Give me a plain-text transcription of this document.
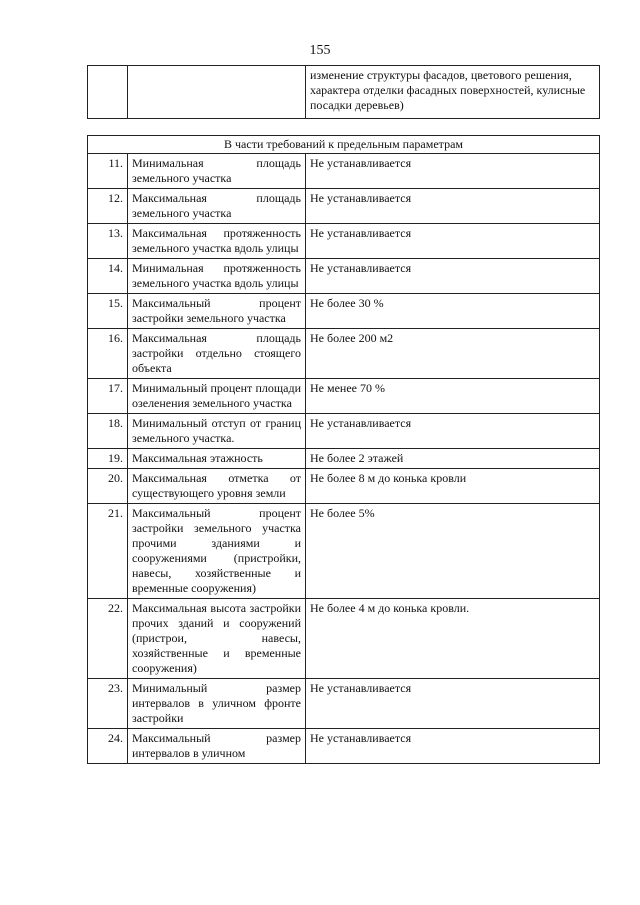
155
		изменение структуры фасадов, цветового решения, характера отделки фасадных поверхностей, кулисные посадки деревьев)
В части требований к предельным параметрам		
11.	Минимальная площадь земельного участка	Не устанавливается
12.	Максимальная площадь земельного участка	Не устанавливается
13.	Максимальная протяженность земельного участка вдоль улицы	Не устанавливается
14.	Минимальная протяженность земельного участка вдоль улицы	Не устанавливается
15.	Максимальный процент застройки земельного участка	Не более 30 %
16.	Максимальная площадь застройки отдельно стоящего объекта	Не более 200 м2
17.	Минимальный процент площади озеленения земельного участка	Не менее 70 %
18.	Минимальный отступ от границ земельного участка.	Не устанавливается
19.	Максимальная этажность	Не более 2 этажей
20.	Максимальная отметка от существующего уровня земли	Не более 8 м до конька кровли
21.	Максимальный процент застройки земельного участка прочими зданиями и сооружениями (пристройки, навесы, хозяйственные и временные сооружения)	Не более 5%
22.	Максимальная высота застройки прочих зданий и сооружений (пристрои, навесы, хозяйственные и временные сооружения)	Не более 4 м до конька кровли.
23.	Минимальный размер интервалов в уличном фронте застройки	Не устанавливается
24.	Максимальный размер интервалов в уличном	Не устанавливается
